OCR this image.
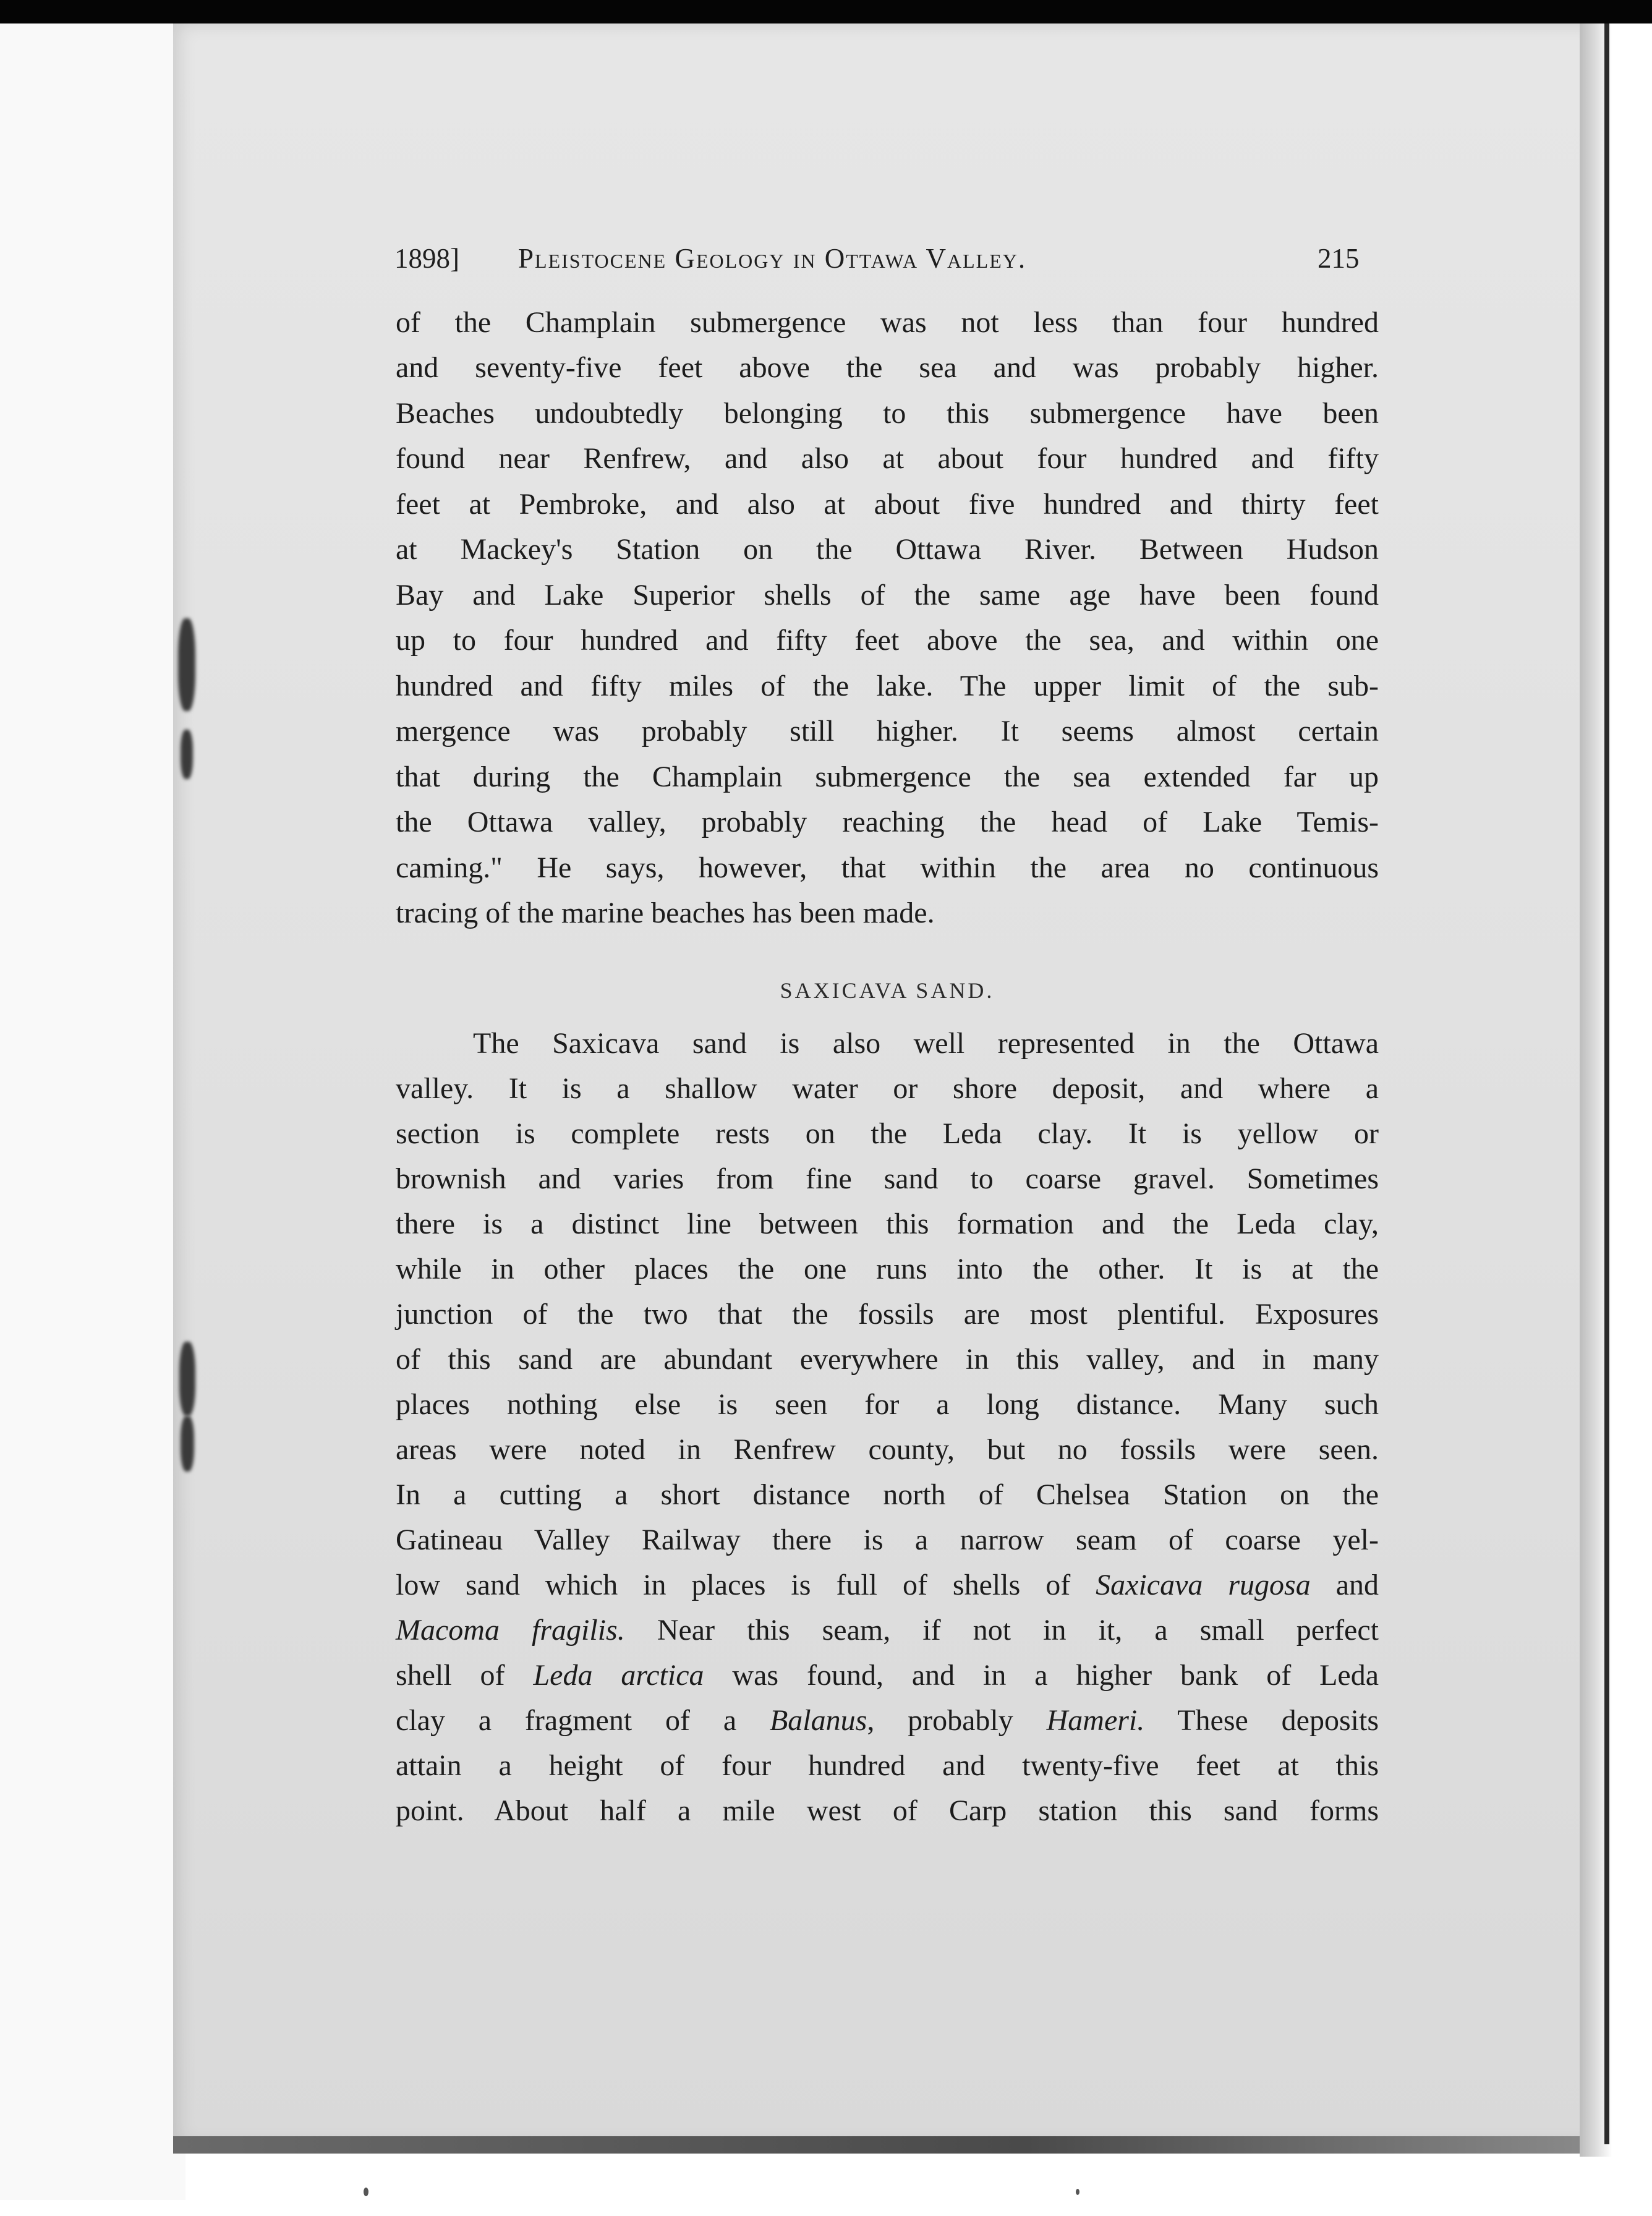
1898] Pleistocene Geology in Ottawa Valley.	215
of the Champlain submergence was not less than four hundred
and seventy-five feet above the sea and was probably higher.
Beaches undoubtedly belonging to this submergence have been
found near Renfrew, and also at about four hundred and fifty
feet at Pembroke, and also at about five hundred and thirty feet
at Mackey's Station on the Ottawa River. Between Hudson
Bay and Lake Superior shells of the same age have been found
up to four hundred and fifty feet above the sea, and within one
hundred and fifty miles of the lake. The upper limit of the sub-
mergence was probably still higher. It seems almost certain
that during the Champlain submergence the sea extended far up
the Ottawa valley, probably reaching the head of Lake Temis-
caming." He says, however, that within the area no continuous
tracing of the marine beaches has been made.
SAXICAVA SAND.
The Saxicava sand is also well represented in the Ottawa
valley. It is a shallow water or shore deposit, and where a
section is complete rests on the Leda clay. It is yellow or
brownish and varies from fine sand to coarse gravel. Sometimes
there is a distinct line between this formation and the Leda clay,
while in other places the one runs into the other. It is at the
junction of the two that the fossils are most plentiful. Exposures
of this sand are abundant everywhere in this valley, and in many
places nothing else is seen for a long distance. Many such
areas were noted in Renfrew county, but no fossils were seen.
In a cutting a short distance north of Chelsea Station on the
Gatineau Valley Railway there is a narrow seam of coarse yel-
low sand which in places is full of shells of Saxicava rugosa and
Macoma fragilis. Near this seam, if not in it, a small perfect
shell of Leda arctica was found, and in a higher bank of Leda
clay a fragment of a Balanus, probably Hameri. These deposits
attain a height of four hundred and twenty-five feet at this
point. About half a mile west of Carp station this sand forms
